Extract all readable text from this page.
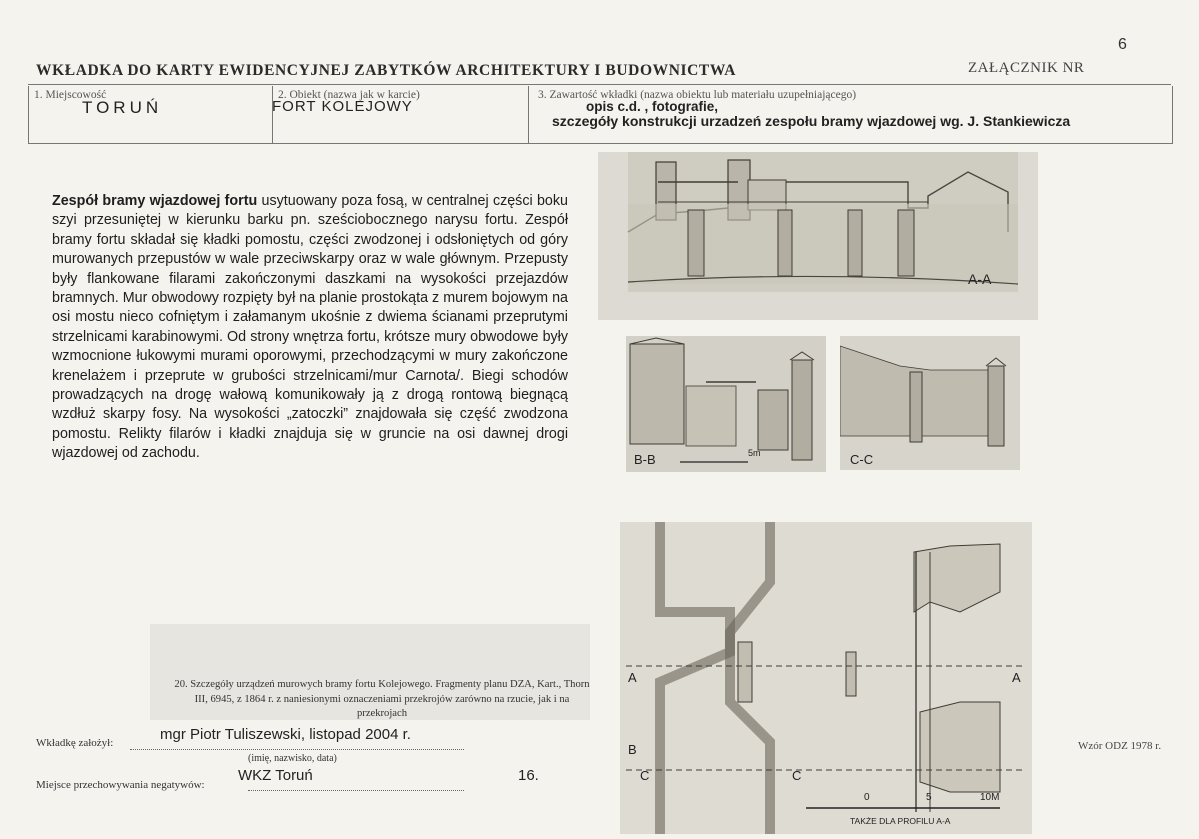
6
WKŁADKA DO KARTY EWIDENCYJNEJ ZABYTKÓW ARCHITEKTURY I BUDOWNICTWA	ZAŁĄCZNIK NR
1. Miejscowość
TORUŃ
2. Obiekt (nazwa jak w karcie)
FORT KOLEJOWY
3. Zawartość wkładki (nazwa obiektu lub materiału uzupełniającego)
opis c.d. , fotografie,
szczegóły konstrukcji urzadzeń zespołu bramy wjazdowej wg. J. Stankiewicza
Zespół bramy wjazdowej fortu usytuowany poza fosą, w centralnej części boku szyi przesuniętej w kierunku barku pn. sześciobocznego narysu fortu. Zespół bramy fortu składał się kładki pomostu, części zwodzonej i odsłoniętych od góry murowanych przepustów w wale przeciwskarpy oraz w wale głównym. Przepusty były flankowane filarami zakończonymi daszkami na wysokości przejazdów bramnych. Mur obwodowy rozpięty był na planie prostokąta z murem bojowym na osi mostu nieco cofniętym i załamanym ukośnie z dwiema ścianami przeprutymi strzelnicami karabinowymi. Od strony wnętrza fortu, krótsze mury obwodowe były wzmocnione łukowymi murami oporowymi, przechodzącymi w mury zakończone krenelażem i przeprute w grubości strzelnicami/mur Carnota/. Biegi schodów prowadzących na drogę wałową komunikowały ją z drogą rontową biegnącą wzdłuż skarpy fosy. Na wysokości „zatoczki” znajdowała się część zwodzona pomostu. Relikty filarów i kładki znajduja się w gruncie na osi dawnej drogi wjazdowej od zachodu.
A-A
B-B	5m	C-C
A	A
B
C	C
0	5	10M
TAKŻE DLA PROFILU A-A
20. Szczegóły urządzeń murowych bramy fortu Kolejowego. Fragmenty planu DZA, Kart., Thorn III, 6945, z 1864 r. z naniesionymi oznaczeniami przekrojów zarówno na rzucie, jak i na przekrojach
Wkładkę założył:	mgr Piotr Tuliszewski, listopad 2004 r.
(imię, nazwisko, data)
Miejsce przechowywania negatywów:
WKZ Toruń	16.
Wzór ODZ 1978 r.
